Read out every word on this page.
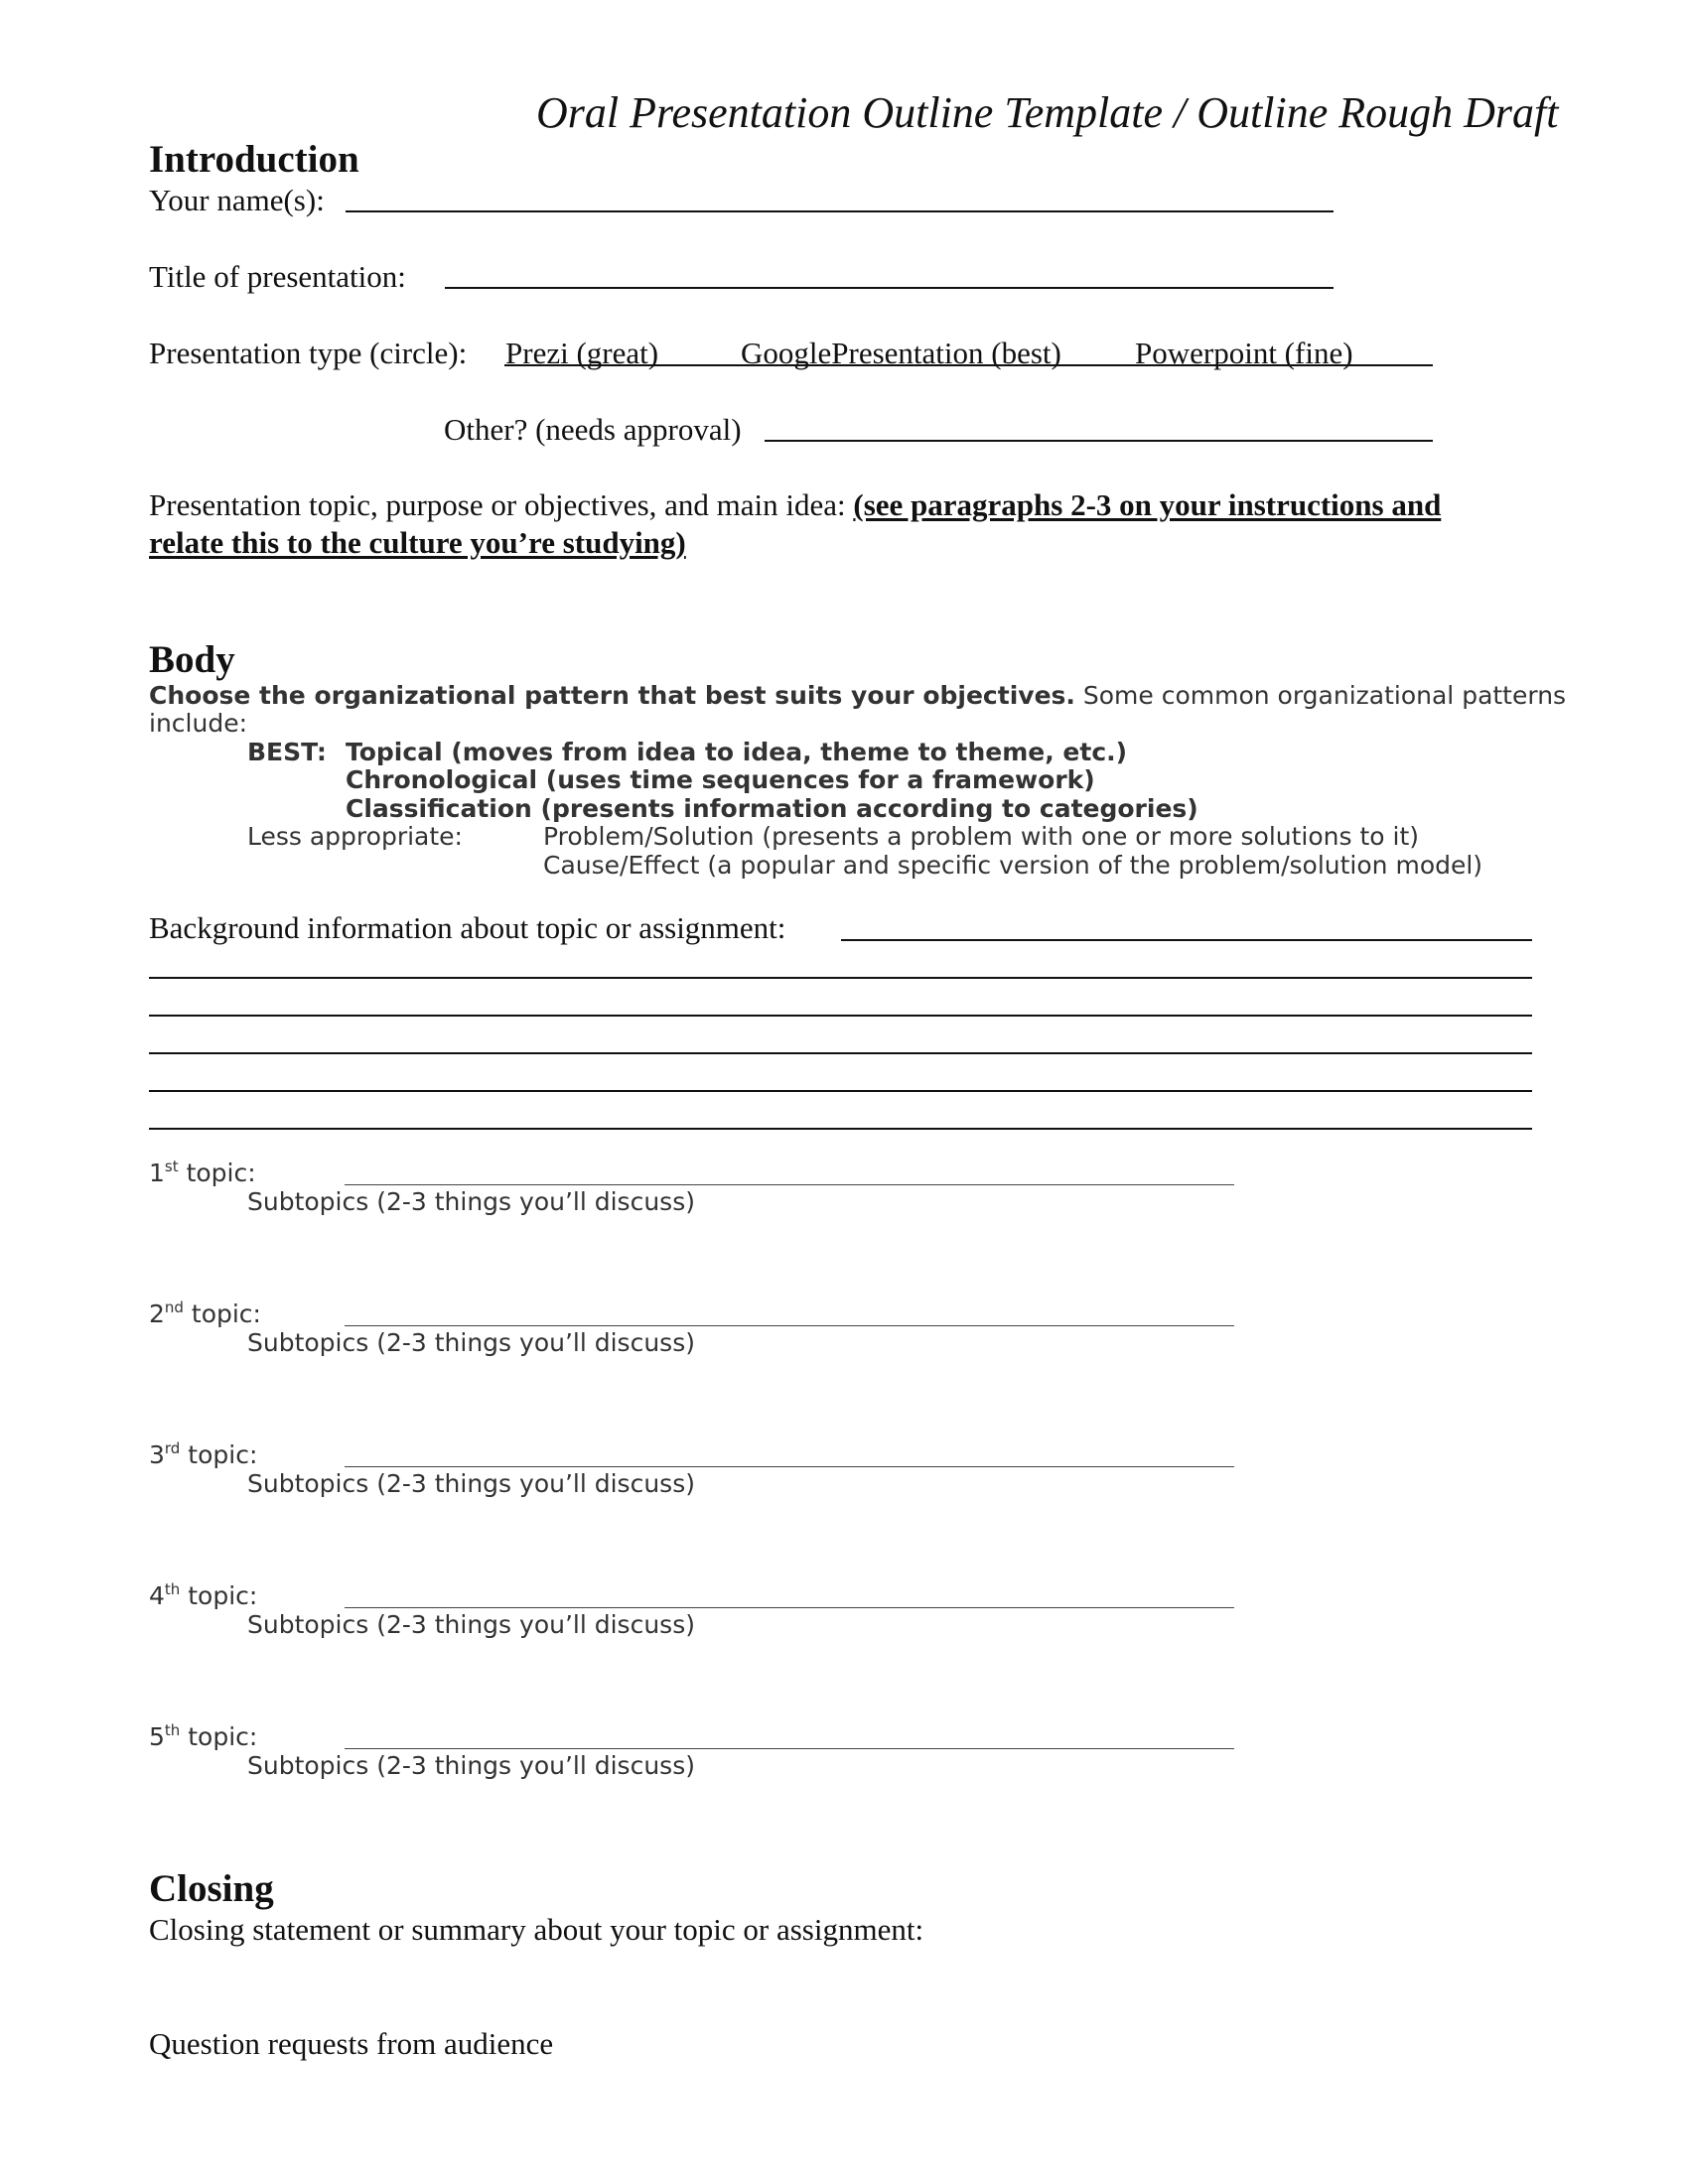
Oral Presentation Outline Template / Outline Rough Draft
Introduction
Your name(s):
Title of presentation:
Presentation type (circle): Prezi (great)	GooglePresentation (best) Powerpoint (fine)
Other? (needs approval)
Presentation topic, purpose or objectives, and main idea: (see paragraphs 2-3 on your instructions and
relate this to the culture you’re studying)
Body
Choose the organizational pattern that best suits your objectives. Some common organizational patterns
include:
BEST: Topical (moves from idea to idea, theme to theme, etc.)
Chronological (uses time sequences for a framework)
Classification (presents information according to categories)
Less appropriate:	Problem/Solution (presents a problem with one or more solutions to it)
Cause/Effect (a popular and specific version of the problem/solution model)
Background information about topic or assignment:
1st topic:
Subtopics (2-3 things you’ll discuss)
2nd topic:
Subtopics (2-3 things you’ll discuss)
3rd topic:
Subtopics (2-3 things you’ll discuss)
4th topic:
Subtopics (2-3 things you’ll discuss)
5th topic:
Subtopics (2-3 things you’ll discuss)
Closing
Closing statement or summary about your topic or assignment:
Question requests from audience
